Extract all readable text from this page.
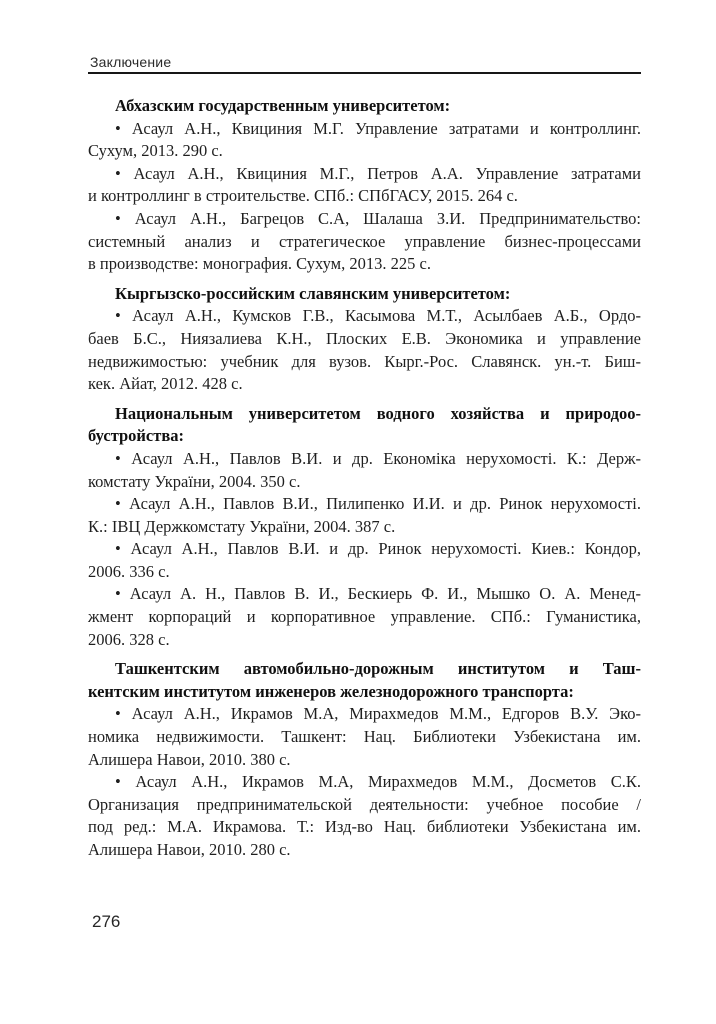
Заключение
Абхазским государственным университетом:
• Асаул А.Н., Квициния М.Г. Управление затратами и контроллинг.
Сухум, 2013. 290 с.
• Асаул А.Н., Квициния М.Г., Петров А.А. Управление затратами
и контроллинг в строительстве. СПб.: СПбГАСУ, 2015. 264 с.
• Асаул А.Н., Багрецов С.А, Шалаша З.И. Предпринимательство:
системный анализ и стратегическое управление бизнес-процессами
в производстве: монография. Сухум, 2013. 225 с.
Кыргызско-российским славянским университетом:
• Асаул А.Н., Кумсков Г.В., Касымова М.Т., Асылбаев А.Б., Ордо-
баев Б.С., Ниязалиева К.Н., Плоских Е.В. Экономика и управление
недвижимостью: учебник для вузов. Кырг.-Рос. Славянск. ун.-т. Биш-
кек. Айат, 2012. 428 с.
Национальным университетом водного хозяйства и природоо-
бустройства:
• Асаул А.Н., Павлов В.И. и др. Економіка нерухомості. К.: Держ-
комстату України, 2004. 350 с.
• Асаул А.Н., Павлов В.И., Пилипенко И.И. и др. Ринок нерухомості.
К.: ІВЦ Держкомстату України, 2004. 387 с.
• Асаул А.Н., Павлов В.И. и др. Ринок нерухомості. Киев.: Кондор,
2006. 336 с.
• Асаул А. Н., Павлов В. И., Бескиерь Ф. И., Мышко О. А. Менед-
жмент корпораций и корпоративное управление. СПб.: Гуманистика,
2006. 328 с.
Ташкентским автомобильно-дорожным институтом и Таш-
кентским институтом инженеров железнодорожного транспорта:
• Асаул А.Н., Икрамов М.А, Мирахмедов М.М., Едгоров В.У. Эко-
номика недвижимости. Ташкент: Нац. Библиотеки Узбекистана им.
Алишера Навои, 2010. 380 с.
• Асаул А.Н., Икрамов М.А, Мирахмедов М.М., Досметов С.К.
Организация предпринимательской деятельности: учебное пособие /
под ред.: М.А. Икрамова. Т.: Изд-во Нац. библиотеки Узбекистана им.
Алишера Навои, 2010. 280 с.
276
